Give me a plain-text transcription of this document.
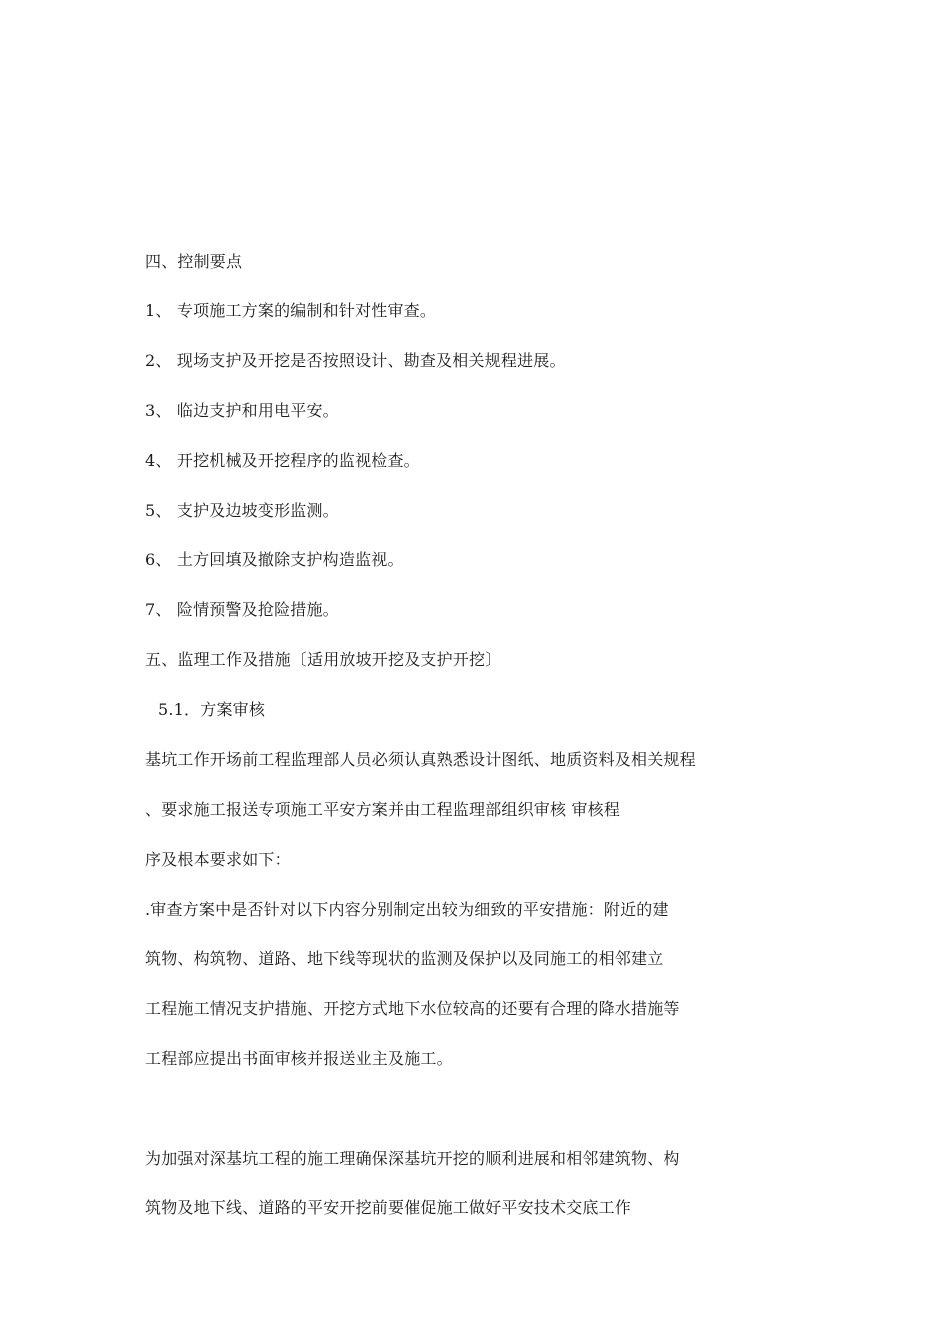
四、控制要点
1、 专项施工方案的编制和针对性审查。
2、 现场支护及开挖是否按照设计、勘查及相关规程进展。
3、 临边支护和用电平安。
4、 开挖机械及开挖程序的监视检查。
5、 支护及边坡变形监测。
6、 土方回填及撤除支护构造监视。
7、 险情预警及抢险措施。
五、监理工作及措施〔适用放坡开挖及支护开挖〕
5.1．方案审核
基坑工作开场前工程监理部人员必须认真熟悉设计图纸、地质资料及相关规程
、要求施工报送专项施工平安方案并由工程监理部组织审核 审核程
序及根本要求如下：
.审查方案中是否针对以下内容分别制定出较为细致的平安措施：附近的建
筑物、构筑物、道路、地下线等现状的监测及保护以及同施工的相邻建立
工程施工情况支护措施、开挖方式地下水位较高的还要有合理的降水措施等
工程部应提出书面审核并报送业主及施工。
为加强对深基坑工程的施工理确保深基坑开挖的顺利进展和相邻建筑物、构
筑物及地下线、道路的平安开挖前要催促施工做好平安技术交底工作
